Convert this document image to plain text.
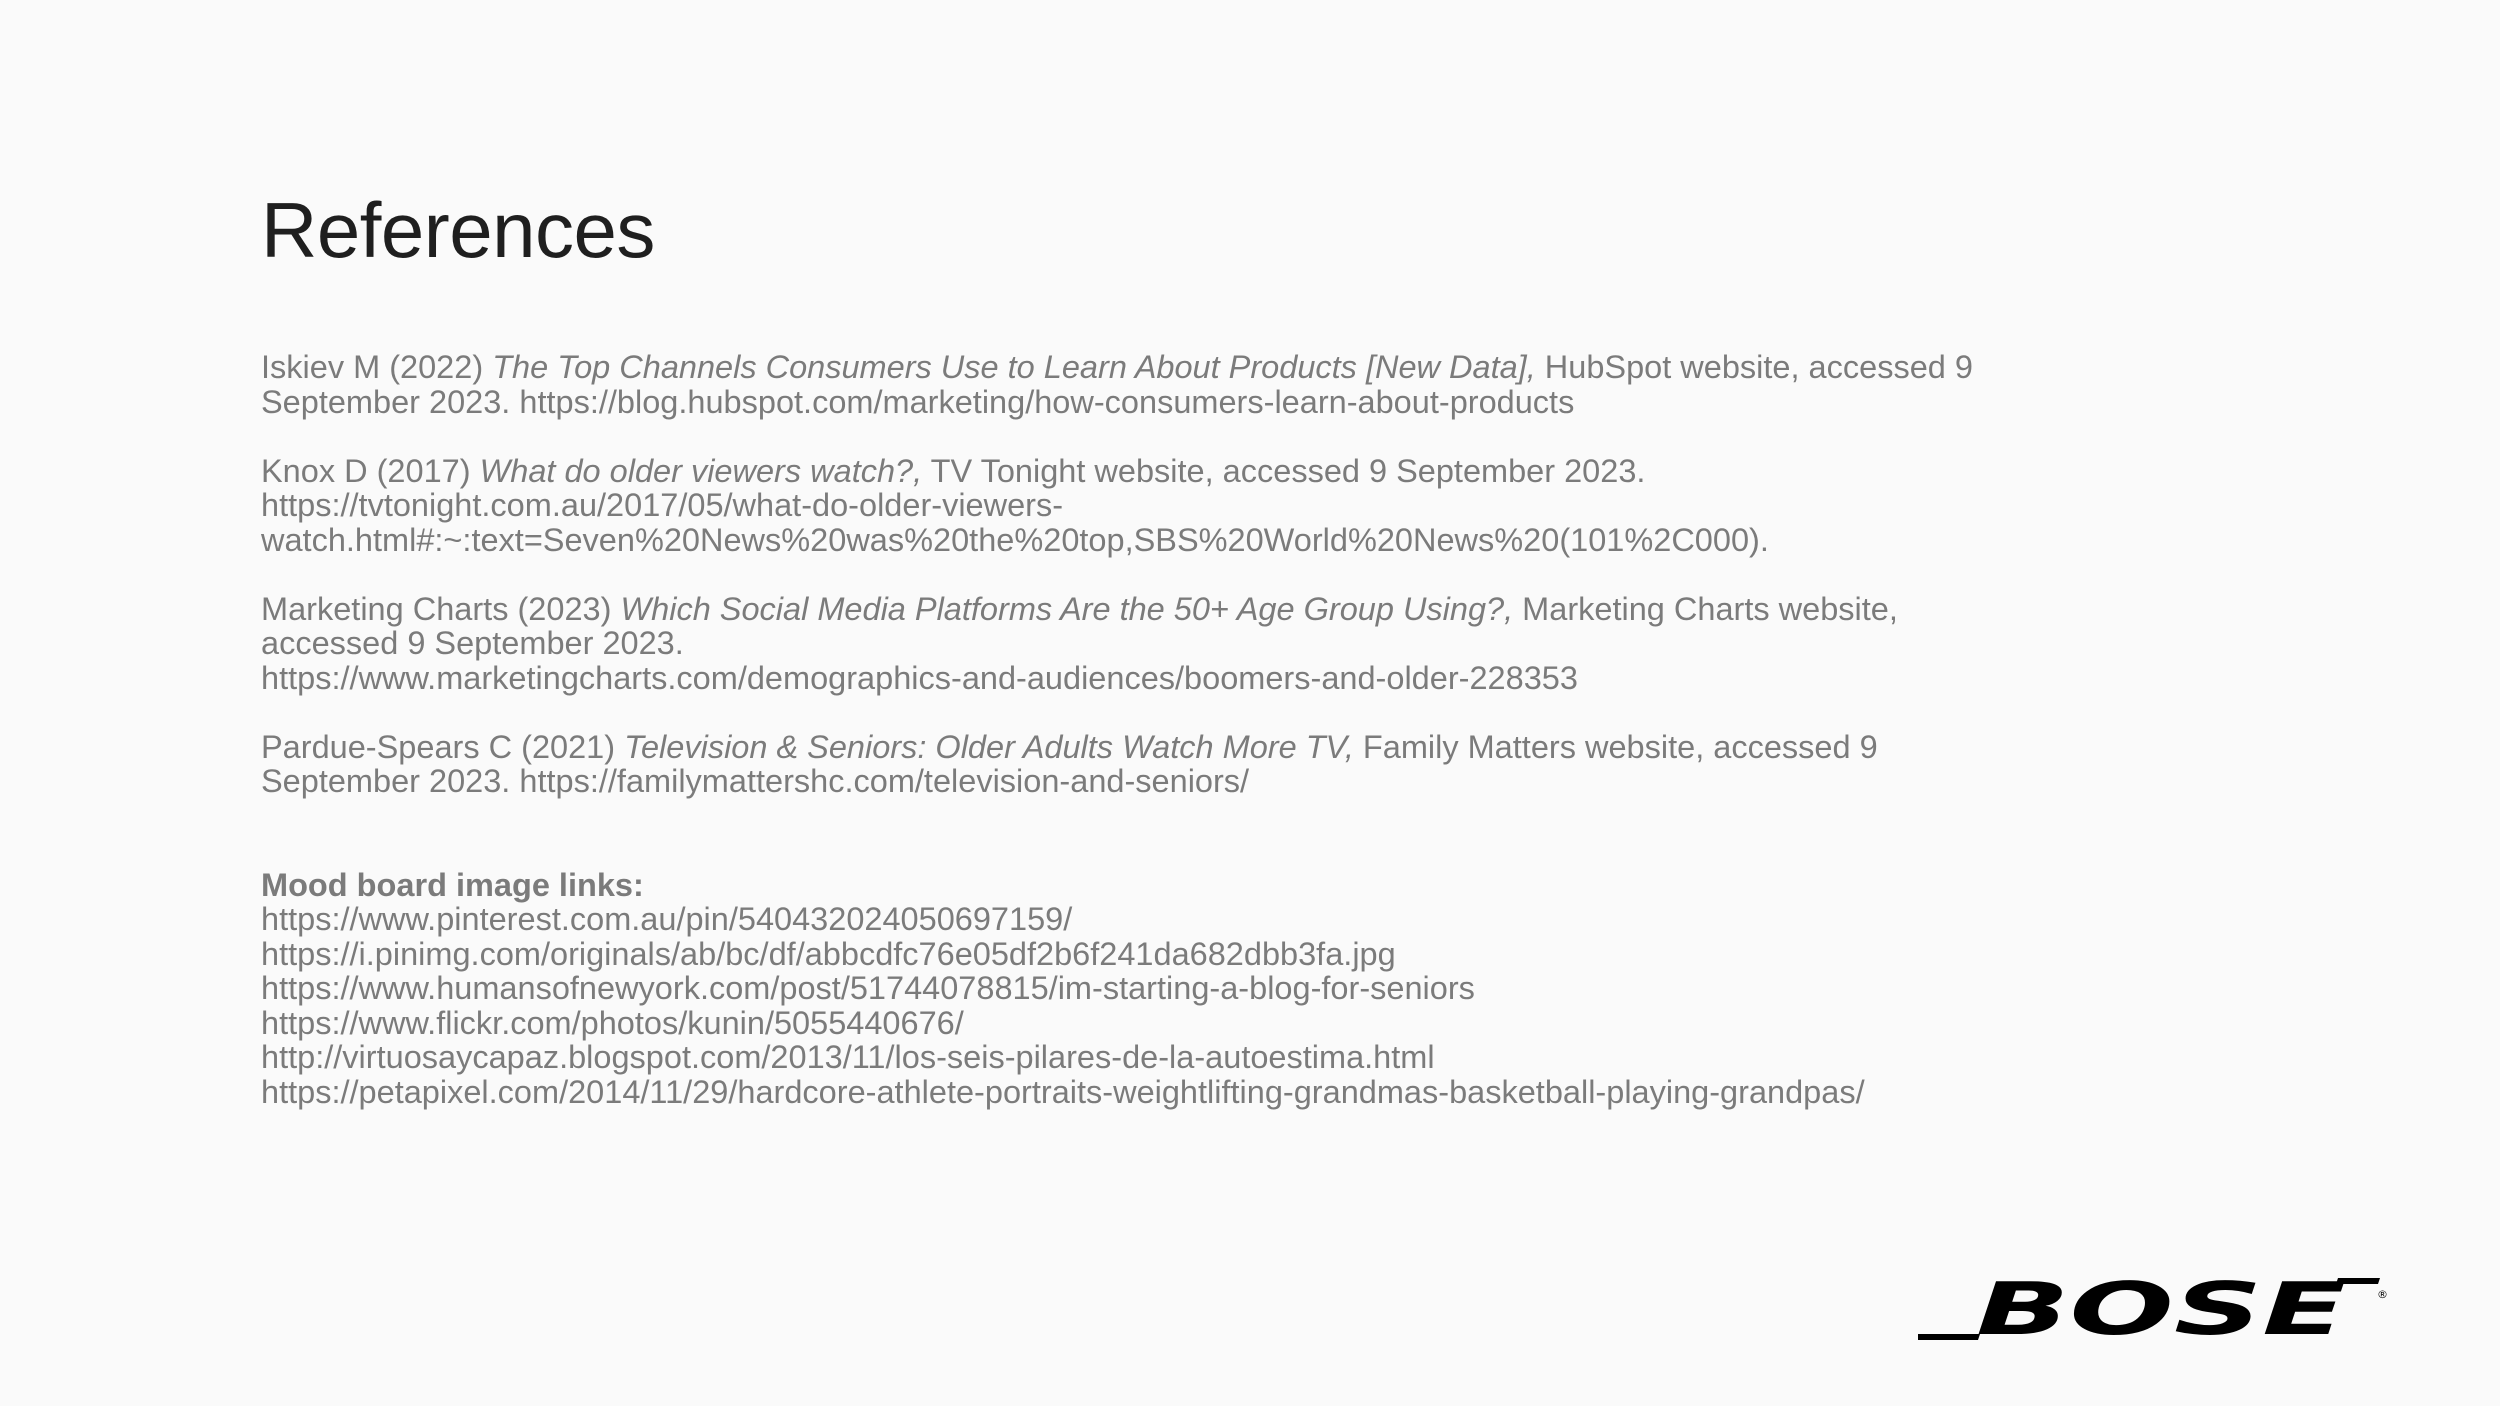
References

Iskiev M (2022) The Top Channels Consumers Use to Learn About Products [New Data], HubSpot website, accessed 9 September 2023. https://blog.hubspot.com/marketing/how-consumers-learn-about-products

Knox D (2017) What do older viewers watch?, TV Tonight website, accessed 9 September 2023.
https://tvtonight.com.au/2017/05/what-do-older-viewers-watch.html#:~:text=Seven%20News%20was%20the%20top,SBS%20World%20News%20(101%2C000).

Marketing Charts (2023) Which Social Media Platforms Are the 50+ Age Group Using?, Marketing Charts website, accessed 9 September 2023.
https://www.marketingcharts.com/demographics-and-audiences/boomers-and-older-228353

Pardue-Spears C (2021) Television & Seniors: Older Adults Watch More TV, Family Matters website, accessed 9 September 2023. https://familymattershc.com/television-and-seniors/

Mood board image links:
https://www.pinterest.com.au/pin/540432024050697159/
https://i.pinimg.com/originals/ab/bc/df/abbcdfc76e05df2b6f241da682dbb3fa.jpg
https://www.humansofnewyork.com/post/51744078815/im-starting-a-blog-for-seniors
https://www.flickr.com/photos/kunin/5055440676/
http://virtuosaycapaz.blogspot.com/2013/11/los-seis-pilares-de-la-autoestima.html
https://petapixel.com/2014/11/29/hardcore-athlete-portraits-weightlifting-grandmas-basketball-playing-grandpas/
BOSE	®
